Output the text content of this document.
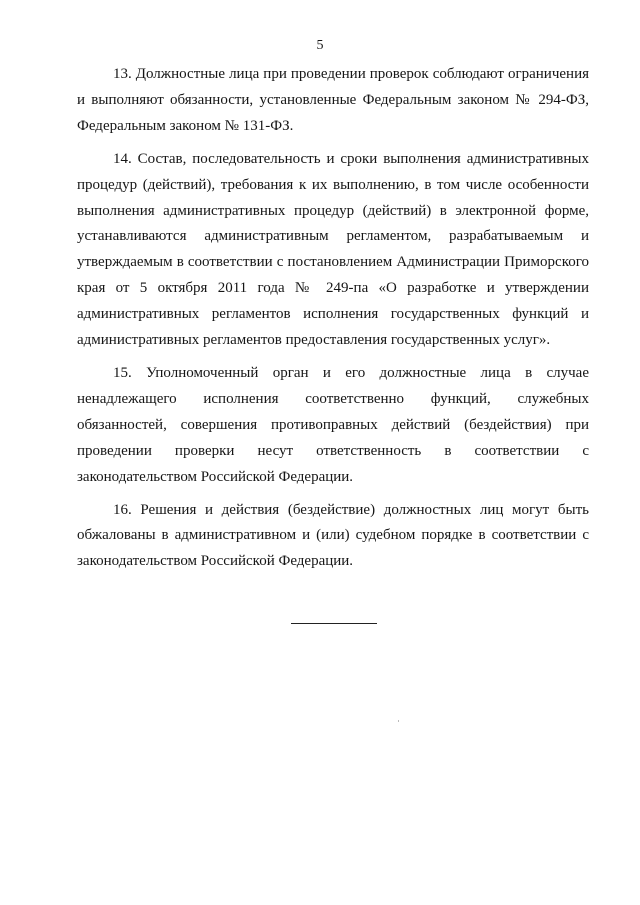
5

13. Должностные лица при проведении проверок соблюдают ограничения и выполняют обязанности, установленные Федеральным законом № 294-ФЗ, Федеральным законом № 131-ФЗ.

14. Состав, последовательность и сроки выполнения административных процедур (действий), требования к их выполнению, в том числе особенности выполнения административных процедур (действий) в электронной форме, устанавливаются административным регламентом, разрабатываемым и утверждаемым в соответствии с постановлением Администрации Приморского края от 5 октября 2011 года № 249-па «О разработке и утверждении административных регламентов исполнения государственных функций и административных регламентов предоставления государственных услуг».

15. Уполномоченный орган и его должностные лица в случае ненадлежащего исполнения соответственно функций, служебных обязанностей, совершения противоправных действий (бездействия) при проведении проверки несут ответственность в соответствии с законодательством Российской Федерации.

16. Решения и действия (бездействие) должностных лиц могут быть обжалованы в административном и (или) судебном порядке в соответствии с законодательством Российской Федерации.
